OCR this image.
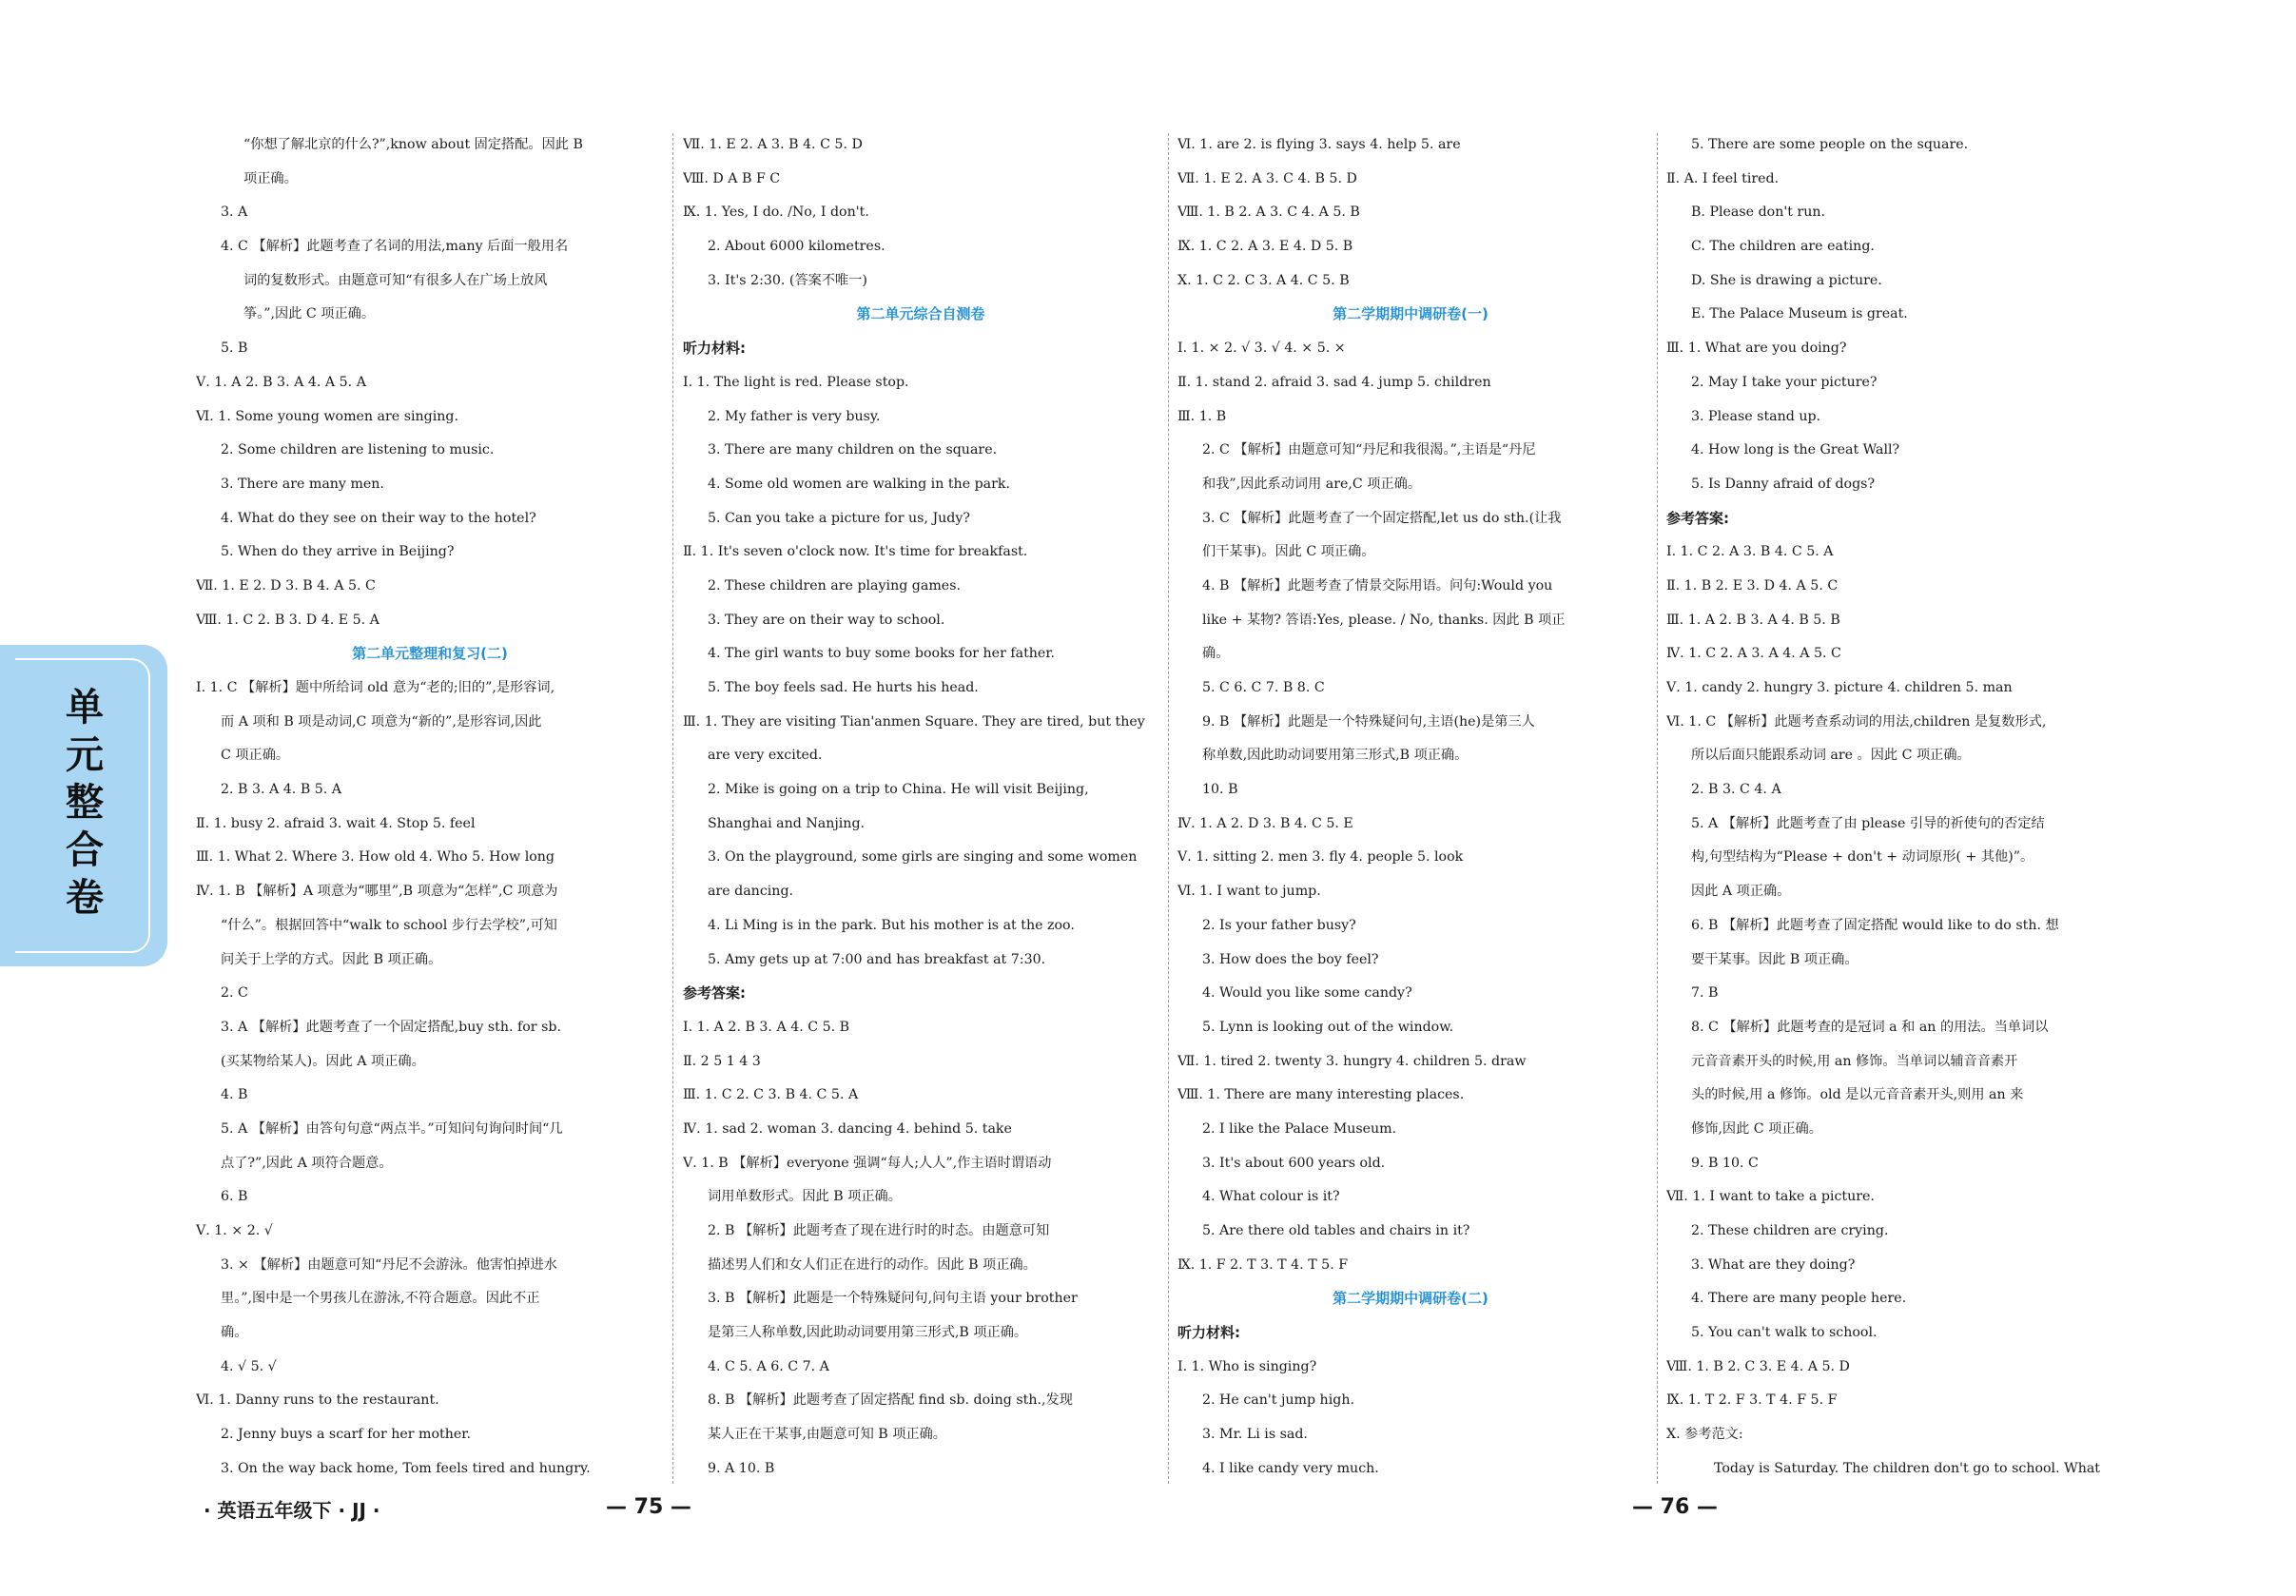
单元整合卷
“你想了解北京的什么?”,know about 固定搭配。因此 B
项正确。
3. A
4. C 【解析】此题考查了名词的用法,many 后面一般用名
词的复数形式。由题意可知“有很多人在广场上放风
筝。”,因此 C 项正确。
5. B
Ⅴ. 1. A 2. B 3. A 4. A 5. A
Ⅵ. 1. Some young women are singing.
2. Some children are listening to music.
3. There are many men.
4. What do they see on their way to the hotel?
5. When do they arrive in Beijing?
Ⅶ. 1. E 2. D 3. B 4. A 5. C
Ⅷ. 1. C 2. B 3. D 4. E 5. A
第二单元整理和复习(二)
Ⅰ. 1. C 【解析】题中所给词 old 意为“老的;旧的”,是形容词,
而 A 项和 B 项是动词,C 项意为“新的”,是形容词,因此
C 项正确。
2. B 3. A 4. B 5. A
Ⅱ. 1. busy 2. afraid 3. wait 4. Stop 5. feel
Ⅲ. 1. What 2. Where 3. How old 4. Who 5. How long
Ⅳ. 1. B 【解析】A 项意为“哪里”,B 项意为“怎样”,C 项意为
“什么”。根据回答中“walk to school 步行去学校”,可知
问关于上学的方式。因此 B 项正确。
2. C
3. A 【解析】此题考查了一个固定搭配,buy sth. for sb.
(买某物给某人)。因此 A 项正确。
4. B
5. A 【解析】由答句句意“两点半。”可知问句询问时间“几
点了?”,因此 A 项符合题意。
6. B
Ⅴ. 1. × 2. √
3. × 【解析】由题意可知“丹尼不会游泳。他害怕掉进水
里。”,图中是一个男孩儿在游泳,不符合题意。因此不正
确。
4. √ 5. √
Ⅵ. 1. Danny runs to the restaurant.
2. Jenny buys a scarf for her mother.
3. On the way back home, Tom feels tired and hungry.
Ⅶ. 1. E 2. A 3. B 4. C 5. D
Ⅷ. D A B F C
Ⅸ. 1. Yes, I do. /No, I don't.
2. About 6000 kilometres.
3. It's 2:30. (答案不唯一)
第二单元综合自测卷
听力材料:
Ⅰ. 1. The light is red. Please stop.
2. My father is very busy.
3. There are many children on the square.
4. Some old women are walking in the park.
5. Can you take a picture for us, Judy?
Ⅱ. 1. It's seven o'clock now. It's time for breakfast.
2. These children are playing games.
3. They are on their way to school.
4. The girl wants to buy some books for her father.
5. The boy feels sad. He hurts his head.
Ⅲ. 1. They are visiting Tian'anmen Square. They are tired, but they
are very excited.
2. Mike is going on a trip to China. He will visit Beijing,
Shanghai and Nanjing.
3. On the playground, some girls are singing and some women
are dancing.
4. Li Ming is in the park. But his mother is at the zoo.
5. Amy gets up at 7:00 and has breakfast at 7:30.
参考答案:
Ⅰ. 1. A 2. B 3. A 4. C 5. B
Ⅱ. 2 5 1 4 3
Ⅲ. 1. C 2. C 3. B 4. C 5. A
Ⅳ. 1. sad 2. woman 3. dancing 4. behind 5. take
Ⅴ. 1. B 【解析】everyone 强调“每人;人人”,作主语时谓语动
词用单数形式。因此 B 项正确。
2. B 【解析】此题考查了现在进行时的时态。由题意可知
描述男人们和女人们正在进行的动作。因此 B 项正确。
3. B 【解析】此题是一个特殊疑问句,问句主语 your brother
是第三人称单数,因此助动词要用第三形式,B 项正确。
4. C 5. A 6. C 7. A
8. B 【解析】此题考查了固定搭配 find sb. doing sth.,发现
某人正在干某事,由题意可知 B 项正确。
9. A 10. B
Ⅵ. 1. are 2. is flying 3. says 4. help 5. are
Ⅶ. 1. E 2. A 3. C 4. B 5. D
Ⅷ. 1. B 2. A 3. C 4. A 5. B
Ⅸ. 1. C 2. A 3. E 4. D 5. B
Ⅹ. 1. C 2. C 3. A 4. C 5. B
第二学期期中调研卷(一)
Ⅰ. 1. × 2. √ 3. √ 4. × 5. ×
Ⅱ. 1. stand 2. afraid 3. sad 4. jump 5. children
Ⅲ. 1. B
2. C 【解析】由题意可知“丹尼和我很渴。”,主语是“丹尼
和我”,因此系动词用 are,C 项正确。
3. C 【解析】此题考查了一个固定搭配,let us do sth.(让我
们干某事)。因此 C 项正确。
4. B 【解析】此题考查了情景交际用语。问句:Would you
like + 某物? 答语:Yes, please. / No, thanks. 因此 B 项正
确。
5. C 6. C 7. B 8. C
9. B 【解析】此题是一个特殊疑问句,主语(he)是第三人
称单数,因此助动词要用第三形式,B 项正确。
10. B
Ⅳ. 1. A 2. D 3. B 4. C 5. E
Ⅴ. 1. sitting 2. men 3. fly 4. people 5. look
Ⅵ. 1. I want to jump.
2. Is your father busy?
3. How does the boy feel?
4. Would you like some candy?
5. Lynn is looking out of the window.
Ⅶ. 1. tired 2. twenty 3. hungry 4. children 5. draw
Ⅷ. 1. There are many interesting places.
2. I like the Palace Museum.
3. It's about 600 years old.
4. What colour is it?
5. Are there old tables and chairs in it?
Ⅸ. 1. F 2. T 3. T 4. T 5. F
第二学期期中调研卷(二)
听力材料:
Ⅰ. 1. Who is singing?
2. He can't jump high.
3. Mr. Li is sad.
4. I like candy very much.
5. There are some people on the square.
Ⅱ. A. I feel tired.
B. Please don't run.
C. The children are eating.
D. She is drawing a picture.
E. The Palace Museum is great.
Ⅲ. 1. What are you doing?
2. May I take your picture?
3. Please stand up.
4. How long is the Great Wall?
5. Is Danny afraid of dogs?
参考答案:
Ⅰ. 1. C 2. A 3. B 4. C 5. A
Ⅱ. 1. B 2. E 3. D 4. A 5. C
Ⅲ. 1. A 2. B 3. A 4. B 5. B
Ⅳ. 1. C 2. A 3. A 4. A 5. C
Ⅴ. 1. candy 2. hungry 3. picture 4. children 5. man
Ⅵ. 1. C 【解析】此题考查系动词的用法,children 是复数形式,
所以后面只能跟系动词 are 。因此 C 项正确。
2. B 3. C 4. A
5. A 【解析】此题考查了由 please 引导的祈使句的否定结
构,句型结构为“Please + don't + 动词原形( + 其他)”。
因此 A 项正确。
6. B 【解析】此题考查了固定搭配 would like to do sth. 想
要干某事。因此 B 项正确。
7. B
8. C 【解析】此题考查的是冠词 a 和 an 的用法。当单词以
元音音素开头的时候,用 an 修饰。当单词以辅音音素开
头的时候,用 a 修饰。old 是以元音音素开头,则用 an 来
修饰,因此 C 项正确。
9. B 10. C
Ⅶ. 1. I want to take a picture.
2. These children are crying.
3. What are they doing?
4. There are many people here.
5. You can't walk to school.
Ⅷ. 1. B 2. C 3. E 4. A 5. D
Ⅸ. 1. T 2. F 3. T 4. F 5. F
Ⅹ. 参考范文:
Today is Saturday. The children don't go to school. What
· 英语五年级下 · JJ ·	— 75 —	— 76 —
